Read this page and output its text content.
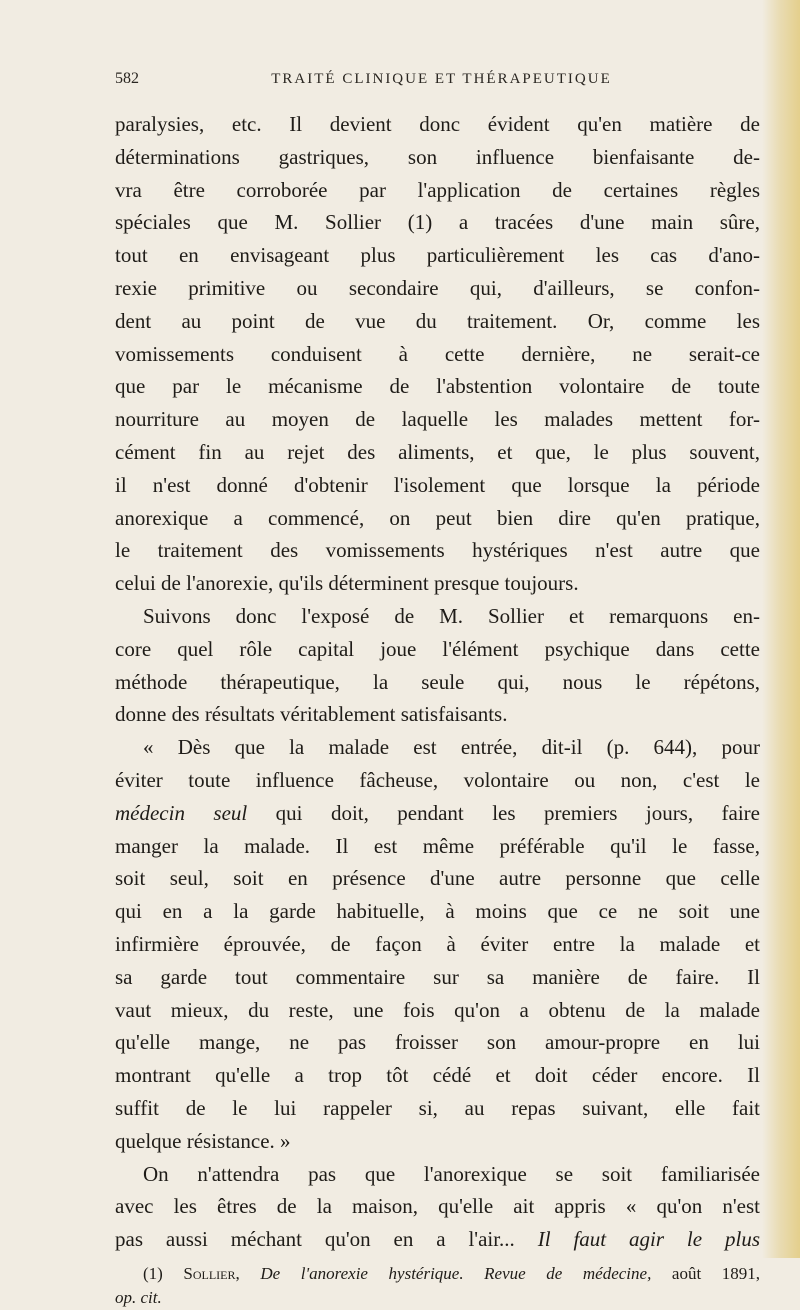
582	TRAITÉ CLINIQUE ET THÉRAPEUTIQUE
paralysies, etc. Il devient donc évident qu'en matière de
déterminations gastriques, son influence bienfaisante de-
vra être corroborée par l'application de certaines règles
spéciales que M. Sollier (1) a tracées d'une main sûre,
tout en envisageant plus particulièrement les cas d'ano-
rexie primitive ou secondaire qui, d'ailleurs, se confon-
dent au point de vue du traitement. Or, comme les
vomissements conduisent à cette dernière, ne serait-ce
que par le mécanisme de l'abstention volontaire de toute
nourriture au moyen de laquelle les malades mettent for-
cément fin au rejet des aliments, et que, le plus souvent,
il n'est donné d'obtenir l'isolement que lorsque la période
anorexique a commencé, on peut bien dire qu'en pratique,
le traitement des vomissements hystériques n'est autre que
celui de l'anorexie, qu'ils déterminent presque toujours.
Suivons donc l'exposé de M. Sollier et remarquons en-
core quel rôle capital joue l'élément psychique dans cette
méthode thérapeutique, la seule qui, nous le répétons,
donne des résultats véritablement satisfaisants.
« Dès que la malade est entrée, dit-il (p. 644), pour
éviter toute influence fâcheuse, volontaire ou non, c'est le
médecin seul qui doit, pendant les premiers jours, faire
manger la malade. Il est même préférable qu'il le fasse,
soit seul, soit en présence d'une autre personne que celle
qui en a la garde habituelle, à moins que ce ne soit une
infirmière éprouvée, de façon à éviter entre la malade et
sa garde tout commentaire sur sa manière de faire. Il
vaut mieux, du reste, une fois qu'on a obtenu de la malade
qu'elle mange, ne pas froisser son amour-propre en lui
montrant qu'elle a trop tôt cédé et doit céder encore. Il
suffit de le lui rappeler si, au repas suivant, elle fait
quelque résistance. »
On n'attendra pas que l'anorexique se soit familiarisée
avec les êtres de la maison, qu'elle ait appris « qu'on n'est
pas aussi méchant qu'on en a l'air... Il faut agir le plus
(1) Sollier, De l'anorexie hystérique. Revue de médecine, août 1891,
op. cit.
